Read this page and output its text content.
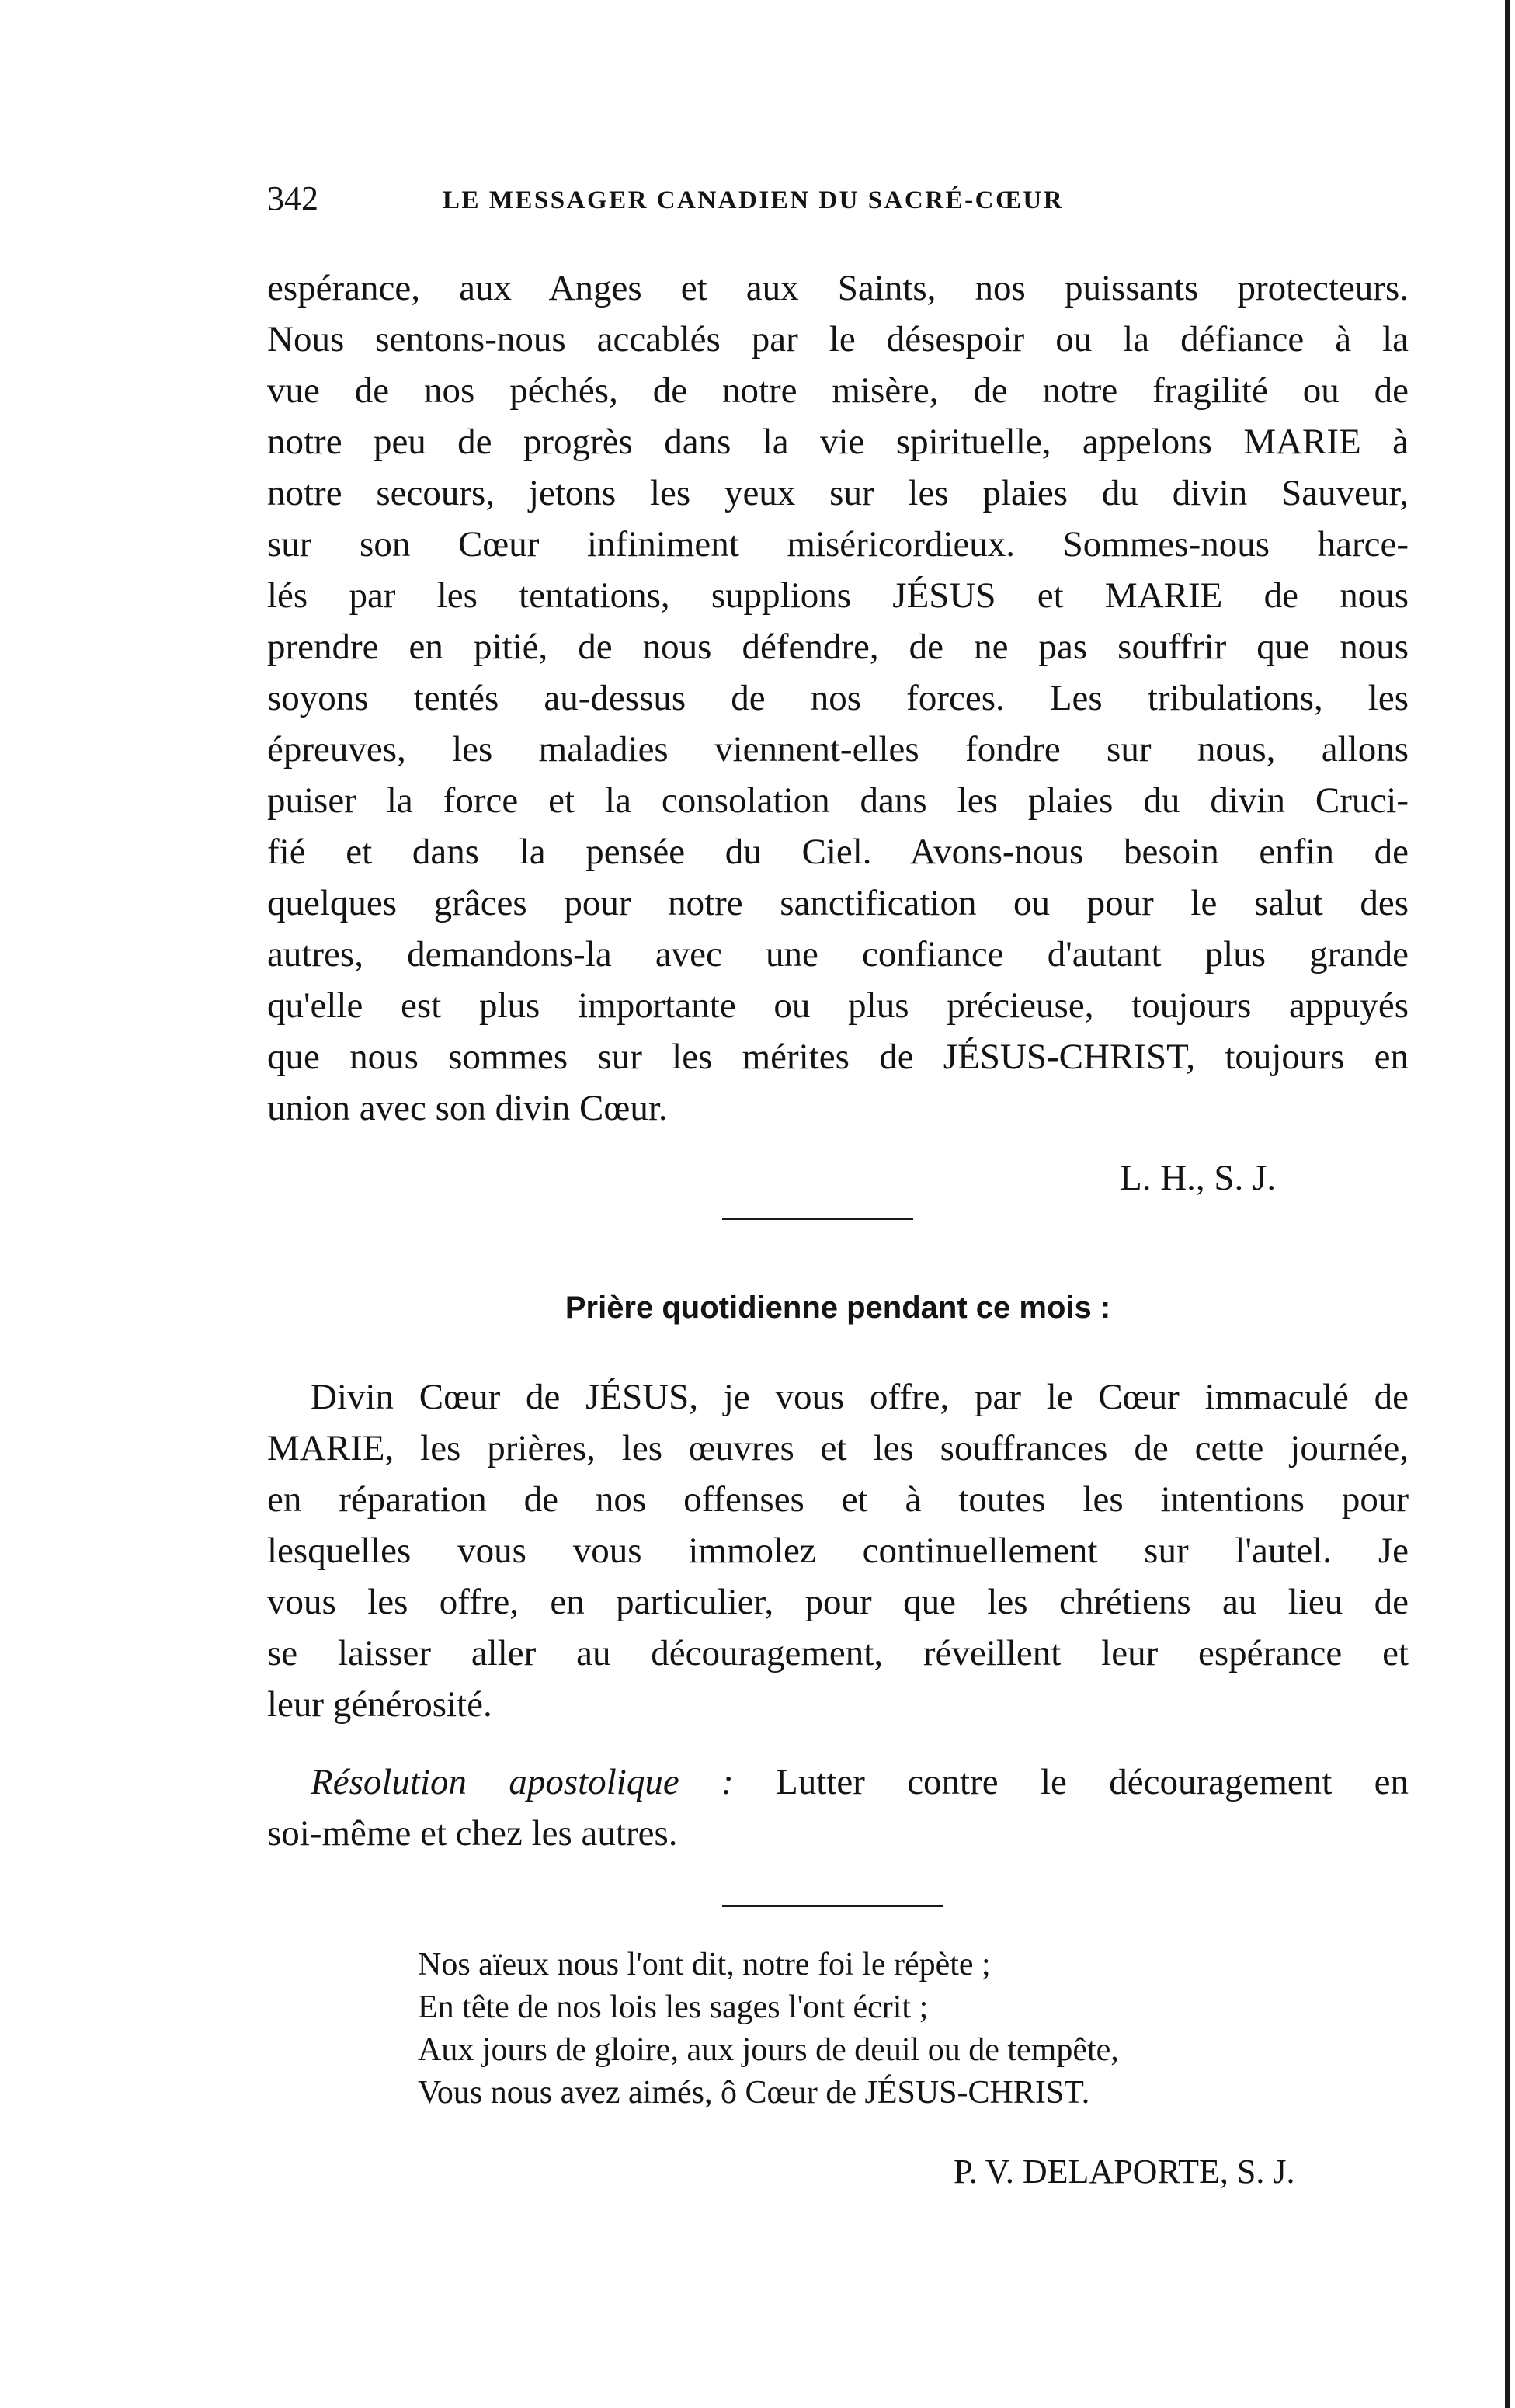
342	LE MESSAGER CANADIEN DU SACRÉ-CŒUR
espérance, aux Anges et aux Saints, nos puissants protecteurs.
Nous sentons-nous accablés par le désespoir ou la défiance à la
vue de nos péchés, de notre misère, de notre fragilité ou de
notre peu de progrès dans la vie spirituelle, appelons MARIE à
notre secours, jetons les yeux sur les plaies du divin Sauveur,
sur son Cœur infiniment miséricordieux. Sommes-nous harce-
lés par les tentations, supplions JÉSUS et MARIE de nous
prendre en pitié, de nous défendre, de ne pas souffrir que nous
soyons tentés au-dessus de nos forces. Les tribulations, les
épreuves, les maladies viennent-elles fondre sur nous, allons
puiser la force et la consolation dans les plaies du divin Cruci-
fié et dans la pensée du Ciel. Avons-nous besoin enfin de
quelques grâces pour notre sanctification ou pour le salut des
autres, demandons-la avec une confiance d'autant plus grande
qu'elle est plus importante ou plus précieuse, toujours appuyés
que nous sommes sur les mérites de JÉSUS-CHRIST, toujours en
union avec son divin Cœur.
L. H., S. J.
Prière quotidienne pendant ce mois :
Divin Cœur de JÉSUS, je vous offre, par le Cœur immaculé de
MARIE, les prières, les œuvres et les souffrances de cette journée,
en réparation de nos offenses et à toutes les intentions pour
lesquelles vous vous immolez continuellement sur l'autel. Je
vous les offre, en particulier, pour que les chrétiens au lieu de
se laisser aller au découragement, réveillent leur espérance et
leur générosité.
Résolution apostolique : Lutter contre le découragement en
soi-même et chez les autres.
Nos aïeux nous l'ont dit, notre foi le répète ;
En tête de nos lois les sages l'ont écrit ;
Aux jours de gloire, aux jours de deuil ou de tempête,
Vous nous avez aimés, ô Cœur de JÉSUS-CHRIST.
P. V. DELAPORTE, S. J.
